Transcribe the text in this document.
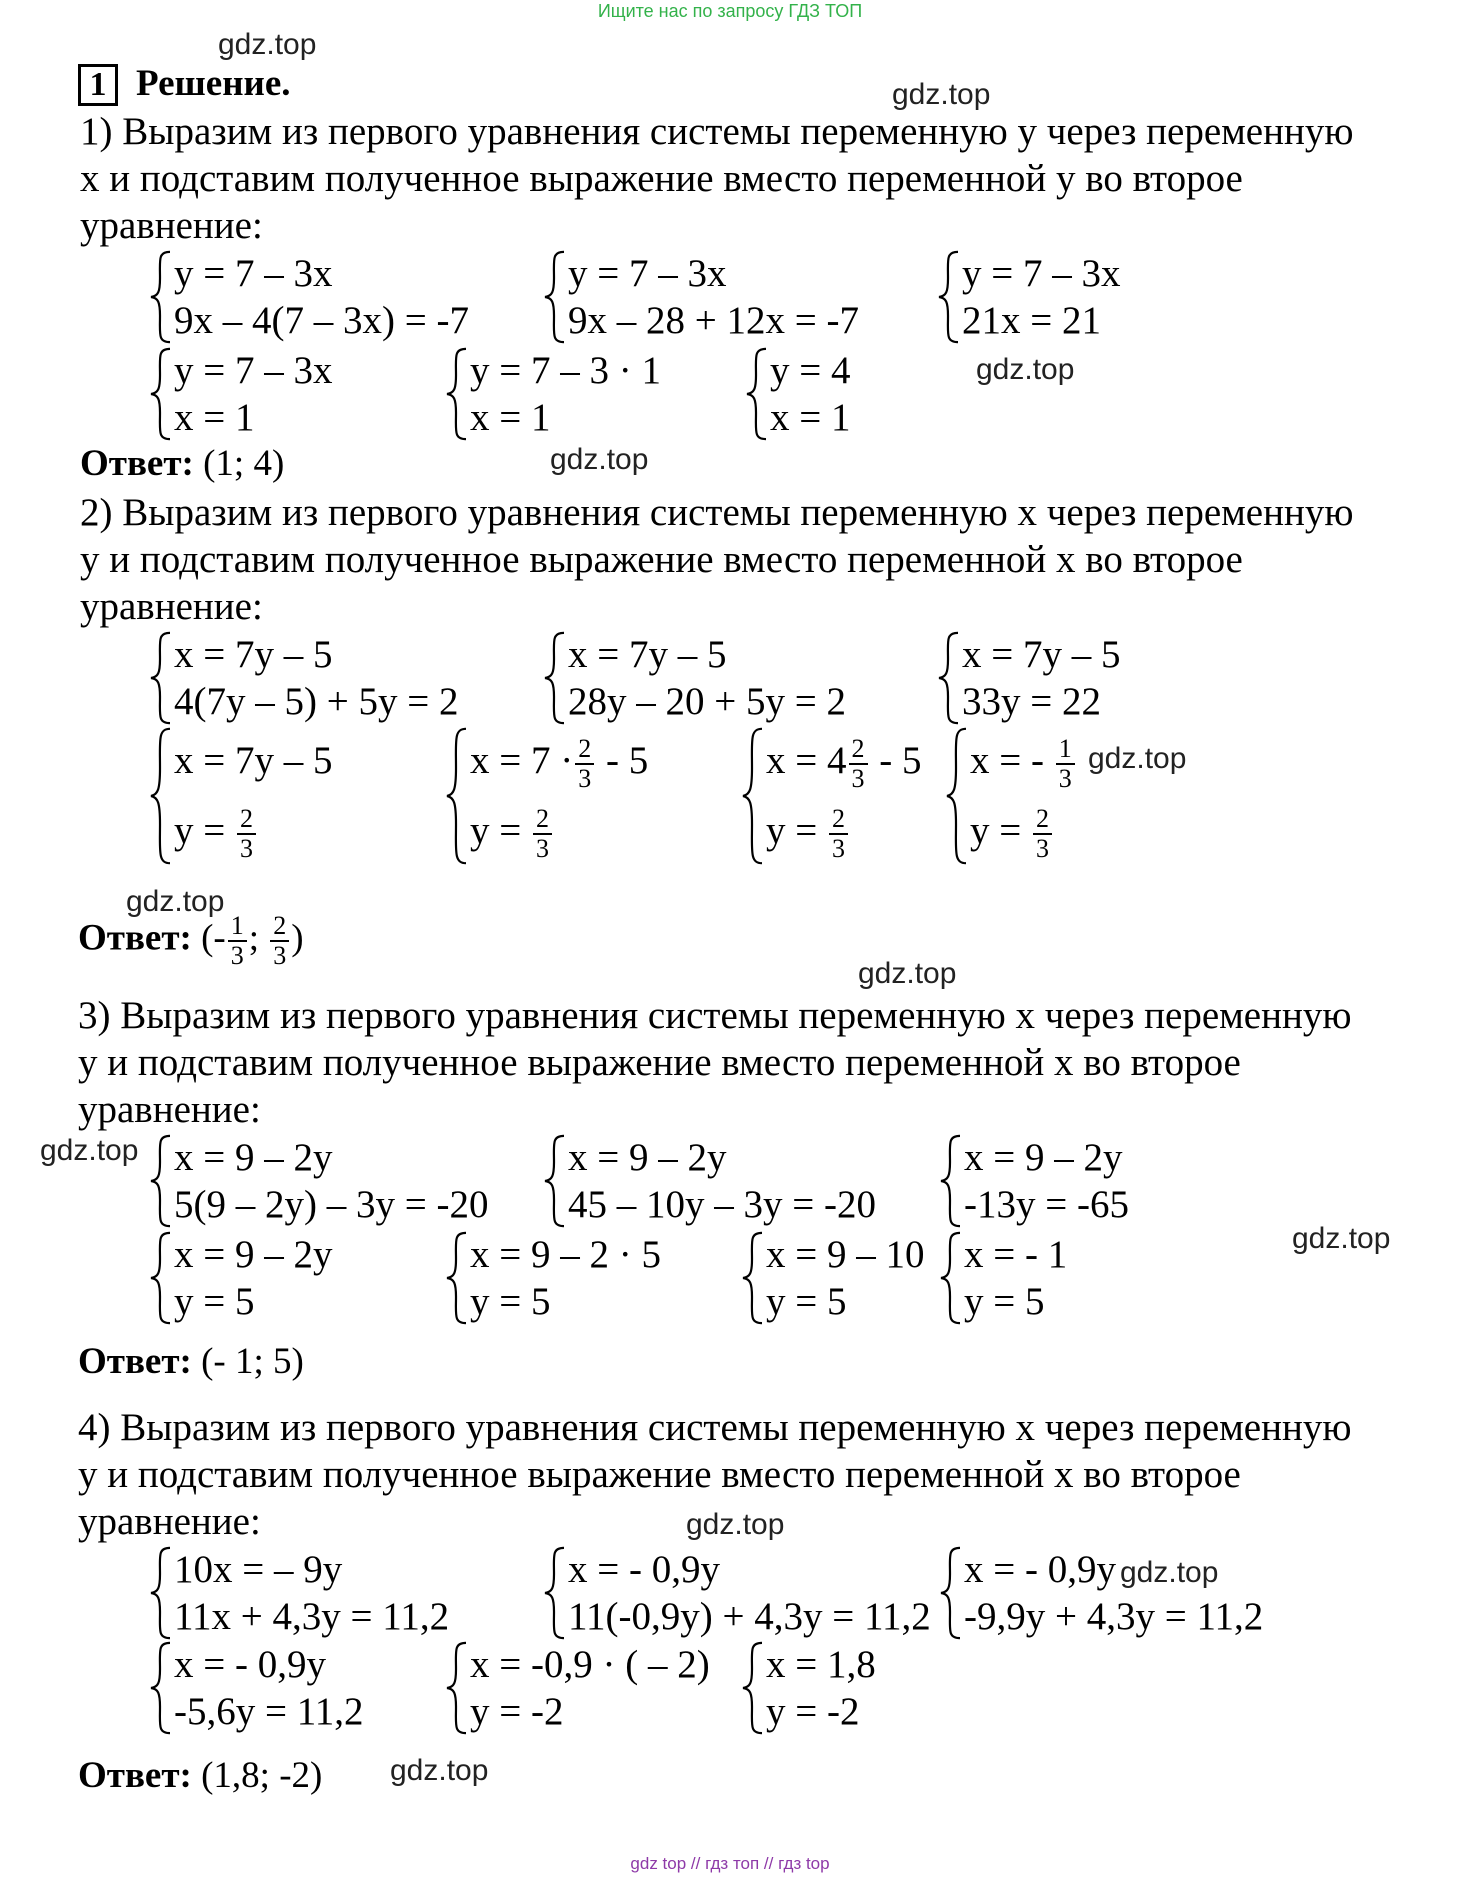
Ищите нас по запросу ГДЗ ТОП
gdz top // гдз топ // гдз top
gdz.top
gdz.top
gdz.top
gdz.top
gdz.top
gdz.top
gdz.top
gdz.top
gdz.top
gdz.top
gdz.top
gdz.top
1 Решение.
1) Выразим из первого уравнения системы переменную у через переменную
x и подставим полученное выражение вместо переменной у во второе
уравнение:
y = 7 – 3x
9x – 4(7 – 3x) = -7
y = 7 – 3x
9x – 28 + 12x = -7
y = 7 – 3x
21x = 21
y = 7 – 3x
x = 1
y = 7 – 3 · 1
x = 1
y = 4
x = 1
Ответ: (1; 4)
2) Выразим из первого уравнения системы переменную x через переменную
у и подставим полученное выражение вместо переменной x во второе
уравнение:
x = 7y – 5
4(7y – 5) + 5y = 2
x = 7y – 5
28y – 20 + 5y = 2
x = 7y – 5
33y = 22
x = 7y – 5
$y = \frac{2}{3}$
$x = 7 \cdot \frac{2}{3} - 5$
$y = \frac{2}{3}$
$x = 4 \frac{2}{3} - 5$
$y = \frac{2}{3}$
x = - $\frac{1}{3}$
$y = \frac{2}{3}$
Ответ: (- $\frac{1}{3}$ ; $\frac{2}{3}$ )
3) Выразим из первого уравнения системы переменную x через переменную
у и подставим полученное выражение вместо переменной x во второе
уравнение:
x = 9 – 2y
5(9 – 2y) – 3y = -20
x = 9 – 2y
45 – 10y – 3y = -20
x = 9 – 2y
-13y = -65
x = 9 – 2y
y = 5
x = 9 – 2 · 5
y = 5
x = 9 – 10
y = 5
x = - 1
y = 5
Ответ: (- 1; 5)
4) Выразим из первого уравнения системы переменную x через переменную
у и подставим полученное выражение вместо переменной x во второе
уравнение:
10x = – 9y
11x + 4,3y = 11,2
x = - 0,9y
11(-0,9y) + 4,3y = 11,2
x = - 0,9y
-9,9y + 4,3y = 11,2
x = - 0,9y
-5,6y = 11,2
x = -0,9 · ( – 2)
y = -2
x = 1,8
y = -2
Ответ: (1,8; -2)
